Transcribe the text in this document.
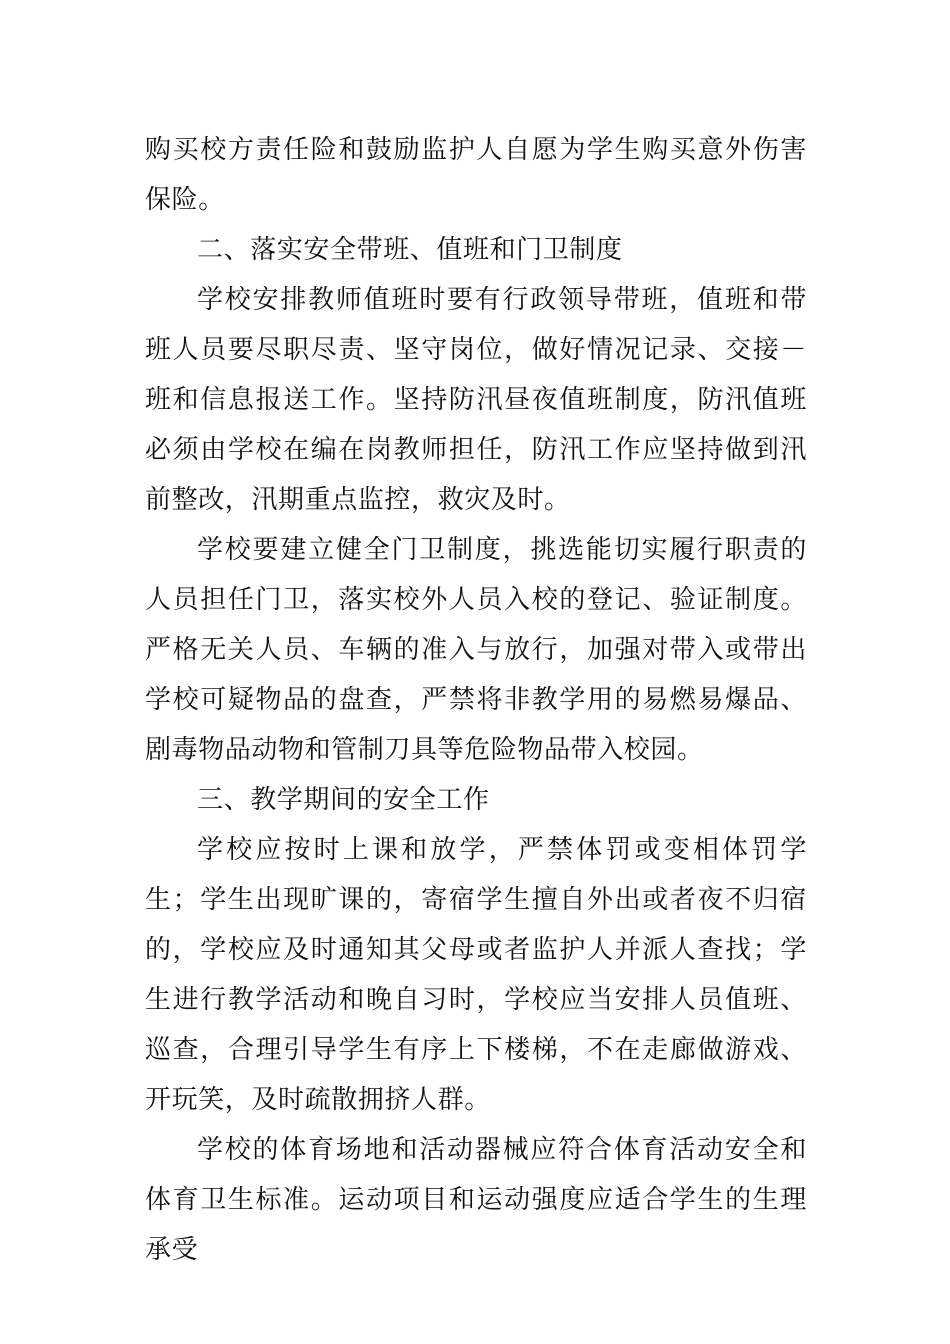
购买校方责任险和鼓励监护人自愿为学生购买意外伤害保险。

二、落实安全带班、值班和门卫制度

学校安排教师值班时要有行政领导带班，值班和带班人员要尽职尽责、坚守岗位，做好情况记录、交接－班和信息报送工作。坚持防汛昼夜值班制度，防汛值班必须由学校在编在岗教师担任，防汛工作应坚持做到汛前整改，汛期重点监控，救灾及时。

学校要建立健全门卫制度，挑选能切实履行职责的人员担任门卫，落实校外人员入校的登记、验证制度。严格无关人员、车辆的准入与放行，加强对带入或带出学校可疑物品的盘查，严禁将非教学用的易燃易爆品、剧毒物品动物和管制刀具等危险物品带入校园。

三、教学期间的安全工作

学校应按时上课和放学，严禁体罚或变相体罚学生；学生出现旷课的，寄宿学生擅自外出或者夜不归宿的，学校应及时通知其父母或者监护人并派人查找；学生进行教学活动和晚自习时，学校应当安排人员值班、巡查，合理引导学生有序上下楼梯，不在走廊做游戏、开玩笑，及时疏散拥挤人群。

学校的体育场地和活动器械应符合体育活动安全和体育卫生标准。运动项目和运动强度应适合学生的生理承受
